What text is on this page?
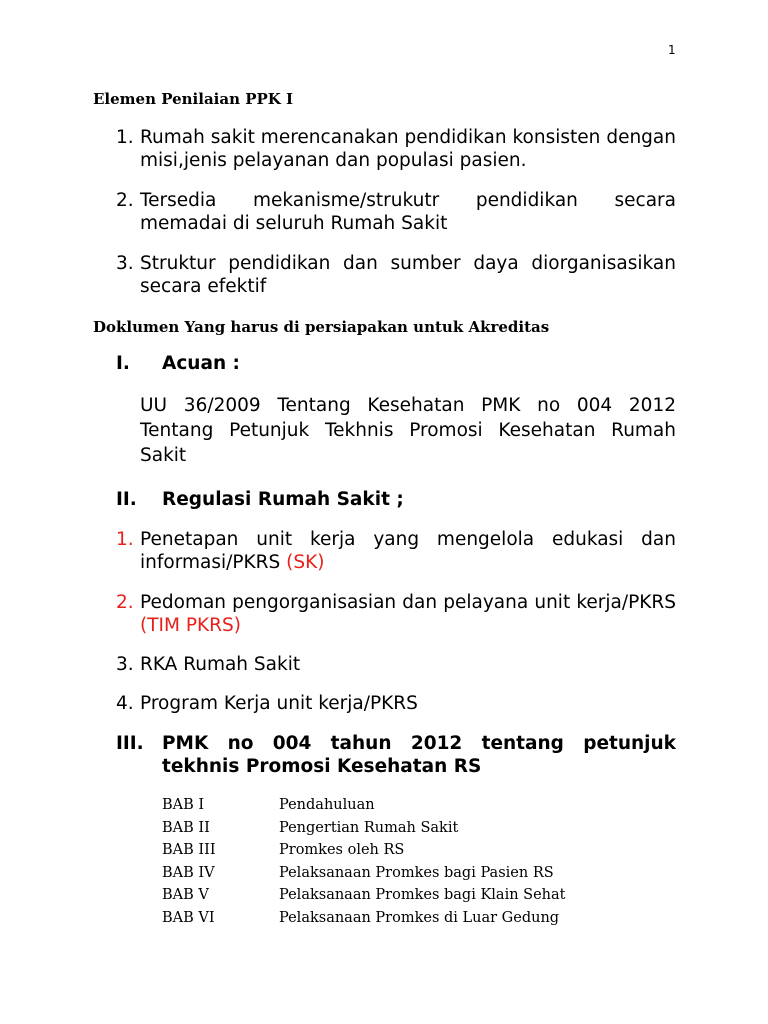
1
Elemen Penilaian PPK I
1. Rumah sakit merencanakan pendidikan konsisten dengan misi,jenis pelayanan dan populasi pasien.
2. Tersedia mekanisme/strukutr pendidikan secara memadai di seluruh Rumah Sakit
3. Struktur pendidikan dan sumber daya diorganisasikan secara efektif
Doklumen Yang harus di persiapakan untuk Akreditas
I. Acuan :
UU 36/2009 Tentang Kesehatan PMK no 004 2012 Tentang Petunjuk Tekhnis Promosi Kesehatan Rumah Sakit
II. Regulasi Rumah Sakit ;
1. Penetapan unit kerja yang mengelola edukasi dan informasi/PKRS (SK)
2. Pedoman pengorganisasian dan pelayana unit kerja/PKRS (TIM PKRS)
3. RKA Rumah Sakit
4. Program Kerja unit kerja/PKRS
III. PMK no 004 tahun 2012 tentang petunjuk tekhnis Promosi Kesehatan RS
BAB I	Pendahuluan
BAB II	Pengertian Rumah Sakit
BAB III	Promkes oleh RS
BAB IV	Pelaksanaan Promkes bagi Pasien RS
BAB V	Pelaksanaan Promkes bagi Klain Sehat
BAB VI	Pelaksanaan Promkes di Luar Gedung
